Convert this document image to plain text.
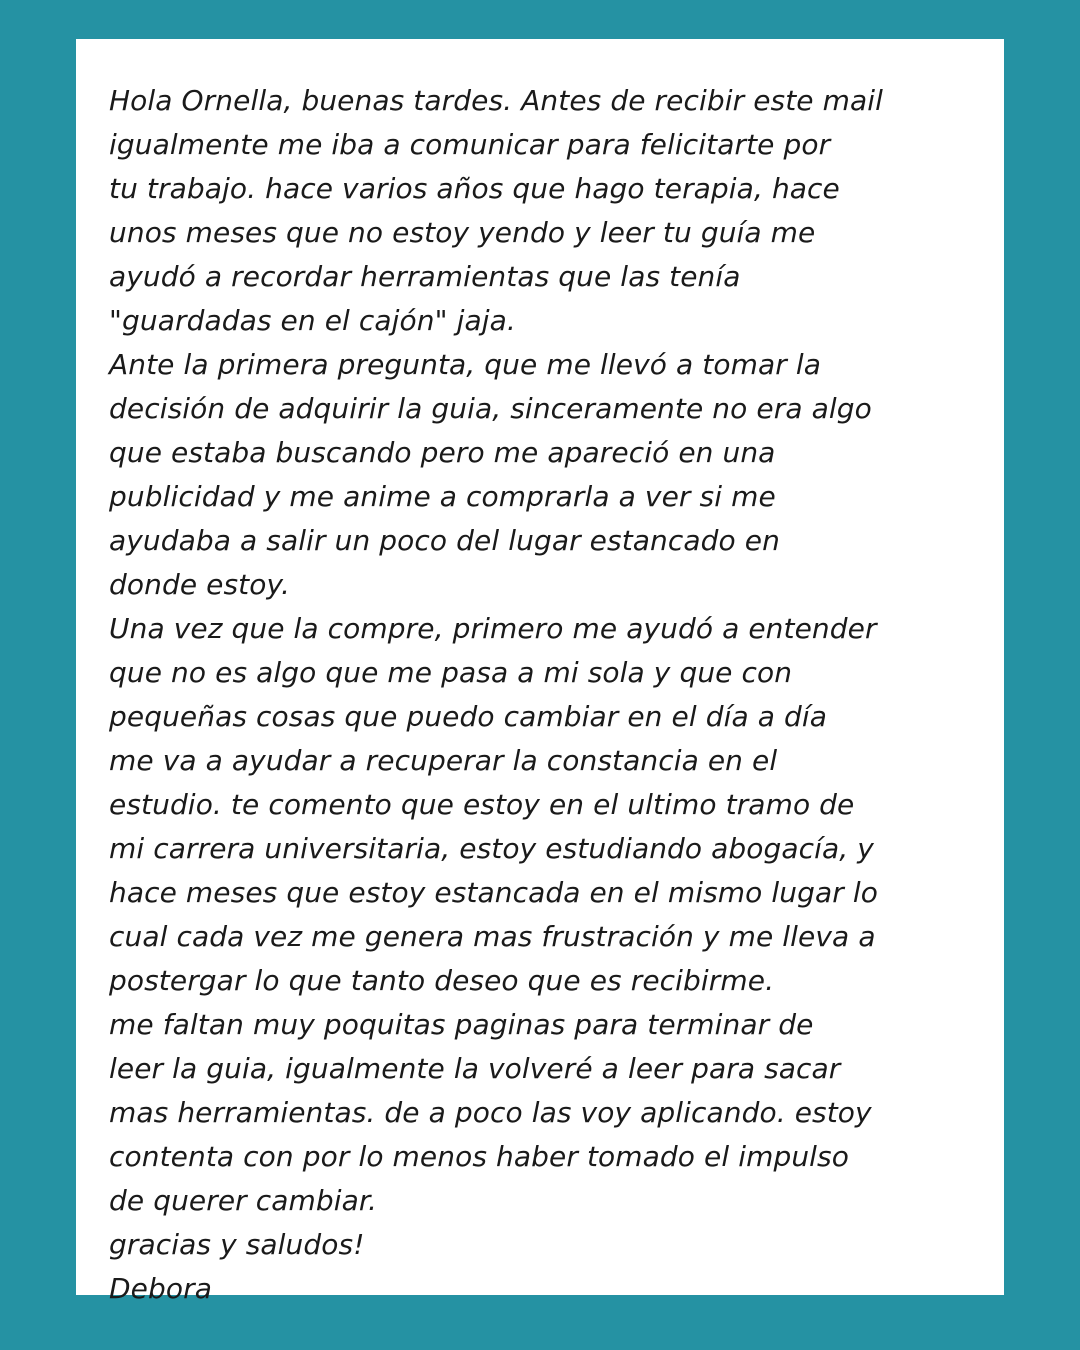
Hola Ornella, buenas tardes. Antes de recibir este mail
igualmente me iba a comunicar para felicitarte por
tu trabajo. hace varios años que hago terapia, hace
unos meses que no estoy yendo y leer tu guía me
ayudó a recordar herramientas que las tenía
"guardadas en el cajón" jaja.
Ante la primera pregunta, que me llevó a tomar la
decisión de adquirir la guia, sinceramente no era algo
que estaba buscando pero me apareció en una
publicidad y me anime a comprarla a ver si me
ayudaba a salir un poco del lugar estancado en
donde estoy.
Una vez que la compre, primero me ayudó a entender
que no es algo que me pasa a mi sola y que con
pequeñas cosas que puedo cambiar en el día a día
me va a ayudar a recuperar la constancia en el
estudio. te comento que estoy en el ultimo tramo de
mi carrera universitaria, estoy estudiando abogacía, y
hace meses que estoy estancada en el mismo lugar lo
cual cada vez me genera mas frustración y me lleva a
postergar lo que tanto deseo que es recibirme.
me faltan muy poquitas paginas para terminar de
leer la guia, igualmente la volveré a leer para sacar
mas herramientas. de a poco las voy aplicando. estoy
contenta con por lo menos haber tomado el impulso
de querer cambiar.
gracias y saludos!
Debora
